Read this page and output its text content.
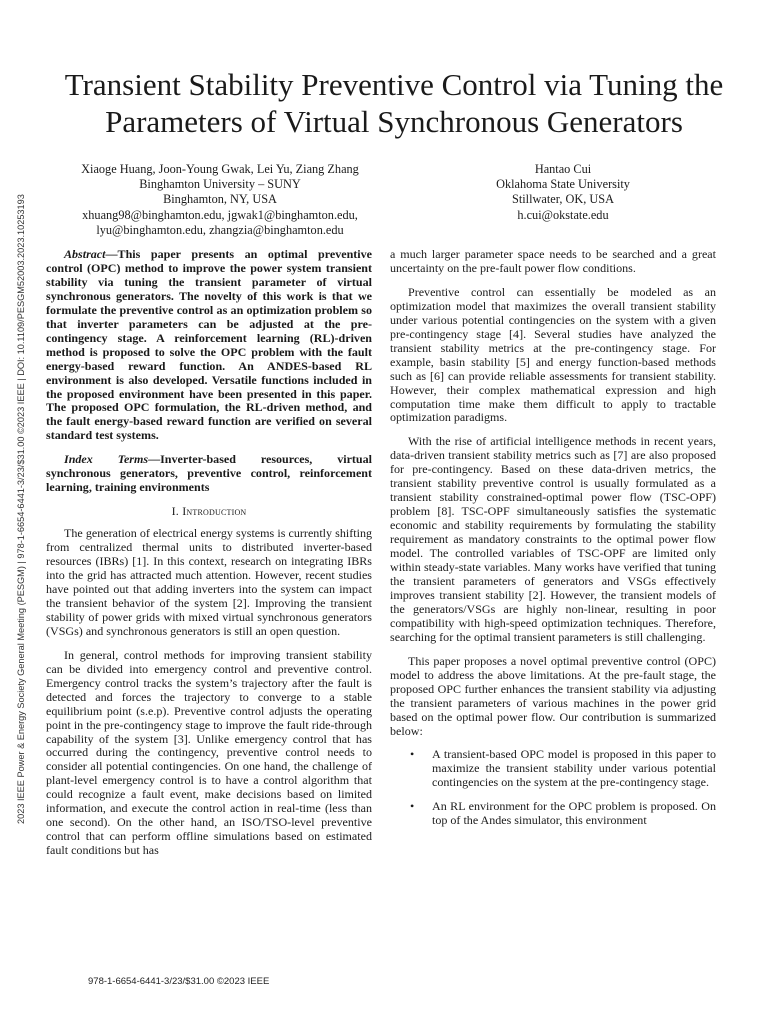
2023 IEEE Power & Energy Society General Meeting (PESGM) | 978-1-6654-6441-3/23/$31.00 ©2023 IEEE | DOI: 10.1109/PESGM52003.2023.10253193
Transient Stability Preventive Control via Tuning the
Parameters of Virtual Synchronous Generators
Xiaoge Huang, Joon-Young Gwak, Lei Yu, Ziang Zhang
Binghamton University – SUNY
Binghamton, NY, USA
xhuang98@binghamton.edu, jgwak1@binghamton.edu,
lyu@binghamton.edu, zhangzia@binghamton.edu
Hantao Cui
Oklahoma State University
Stillwater, OK, USA
h.cui@okstate.edu

Abstract—This paper presents an optimal preventive control (OPC) method to improve the power system transient stability via tuning the transient parameter of virtual synchronous generators. The novelty of this work is that we formulate the preventive control as an optimization problem so that inverter parameters can be adjusted at the pre-contingency stage. A reinforcement learning (RL)-driven method is proposed to solve the OPC problem with the fault energy-based reward function. An ANDES-based RL environment is also developed. Versatile functions included in the proposed environment have been presented in this paper. The proposed OPC formulation, the RL-driven method, and the fault energy-based reward function are verified on several standard test systems.

Index Terms—Inverter-based resources, virtual synchronous generators, preventive control, reinforcement learning, training environments

I. Introduction

The generation of electrical energy systems is currently shifting from centralized thermal units to distributed inverter-based resources (IBRs) [1]. In this context, research on integrating IBRs into the grid has attracted much attention. However, recent studies have pointed out that adding inverters into the system can impact the transient behavior of the system [2]. Improving the transient stability of power grids with mixed virtual synchronous generators (VSGs) and synchronous generators is still an open question.

In general, control methods for improving transient stability can be divided into emergency control and preventive control. Emergency control tracks the system’s trajectory after the fault is detected and forces the trajectory to converge to a stable equilibrium point (s.e.p). Preventive control adjusts the operating point in the pre-contingency stage to improve the fault ride-through capability of the system [3]. Unlike emergency control that has occurred during the contingency, preventive control needs to consider all potential contingencies. On one hand, the challenge of plant-level emergency control is to have a control algorithm that could recognize a fault event, make decisions based on limited information, and execute the control action in real-time (less than one second). On the other hand, an ISO/TSO-level preventive control that can perform offline simulations based on estimated fault conditions but has

a much larger parameter space needs to be searched and a great uncertainty on the pre-fault power flow conditions.

Preventive control can essentially be modeled as an optimization model that maximizes the overall transient stability under various potential contingencies on the system with a given pre-contingency stage [4]. Several studies have analyzed the transient stability metrics at the pre-contingency stage. For example, basin stability [5] and energy function-based methods such as [6] can provide reliable assessments for transient stability. However, their complex mathematical expression and high computation time make them difficult to apply to tractable optimization paradigms.

With the rise of artificial intelligence methods in recent years, data-driven transient stability metrics such as [7] are also proposed for pre-contingency. Based on these data-driven metrics, the transient stability preventive control is usually formulated as a transient stability constrained-optimal power flow (TSC-OPF) problem [8]. TSC-OPF simultaneously satisfies the systematic economic and stability requirements by formulating the stability requirement as mandatory constraints to the optimal power flow model. The controlled variables of TSC-OPF are limited only within steady-state variables. Many works have verified that tuning the transient parameters of generators and VSGs effectively improves transient stability [2]. However, the transient models of the generators/VSGs are highly non-linear, resulting in poor compatibility with high-speed optimization techniques. Therefore, searching for the optimal transient parameters is still challenging.

This paper proposes a novel optimal preventive control (OPC) model to address the above limitations. At the pre-fault stage, the proposed OPC further enhances the transient stability via adjusting the transient parameters of various machines in the power grid based on the optimal power flow. Our contribution is summarized below:

• A transient-based OPC model is proposed in this paper to maximize the transient stability under various potential contingencies on the system at the pre-contingency stage.
• An RL environment for the OPC problem is proposed. On top of the Andes simulator, this environment
978-1-6654-6441-3/23/$31.00 ©2023 IEEE
